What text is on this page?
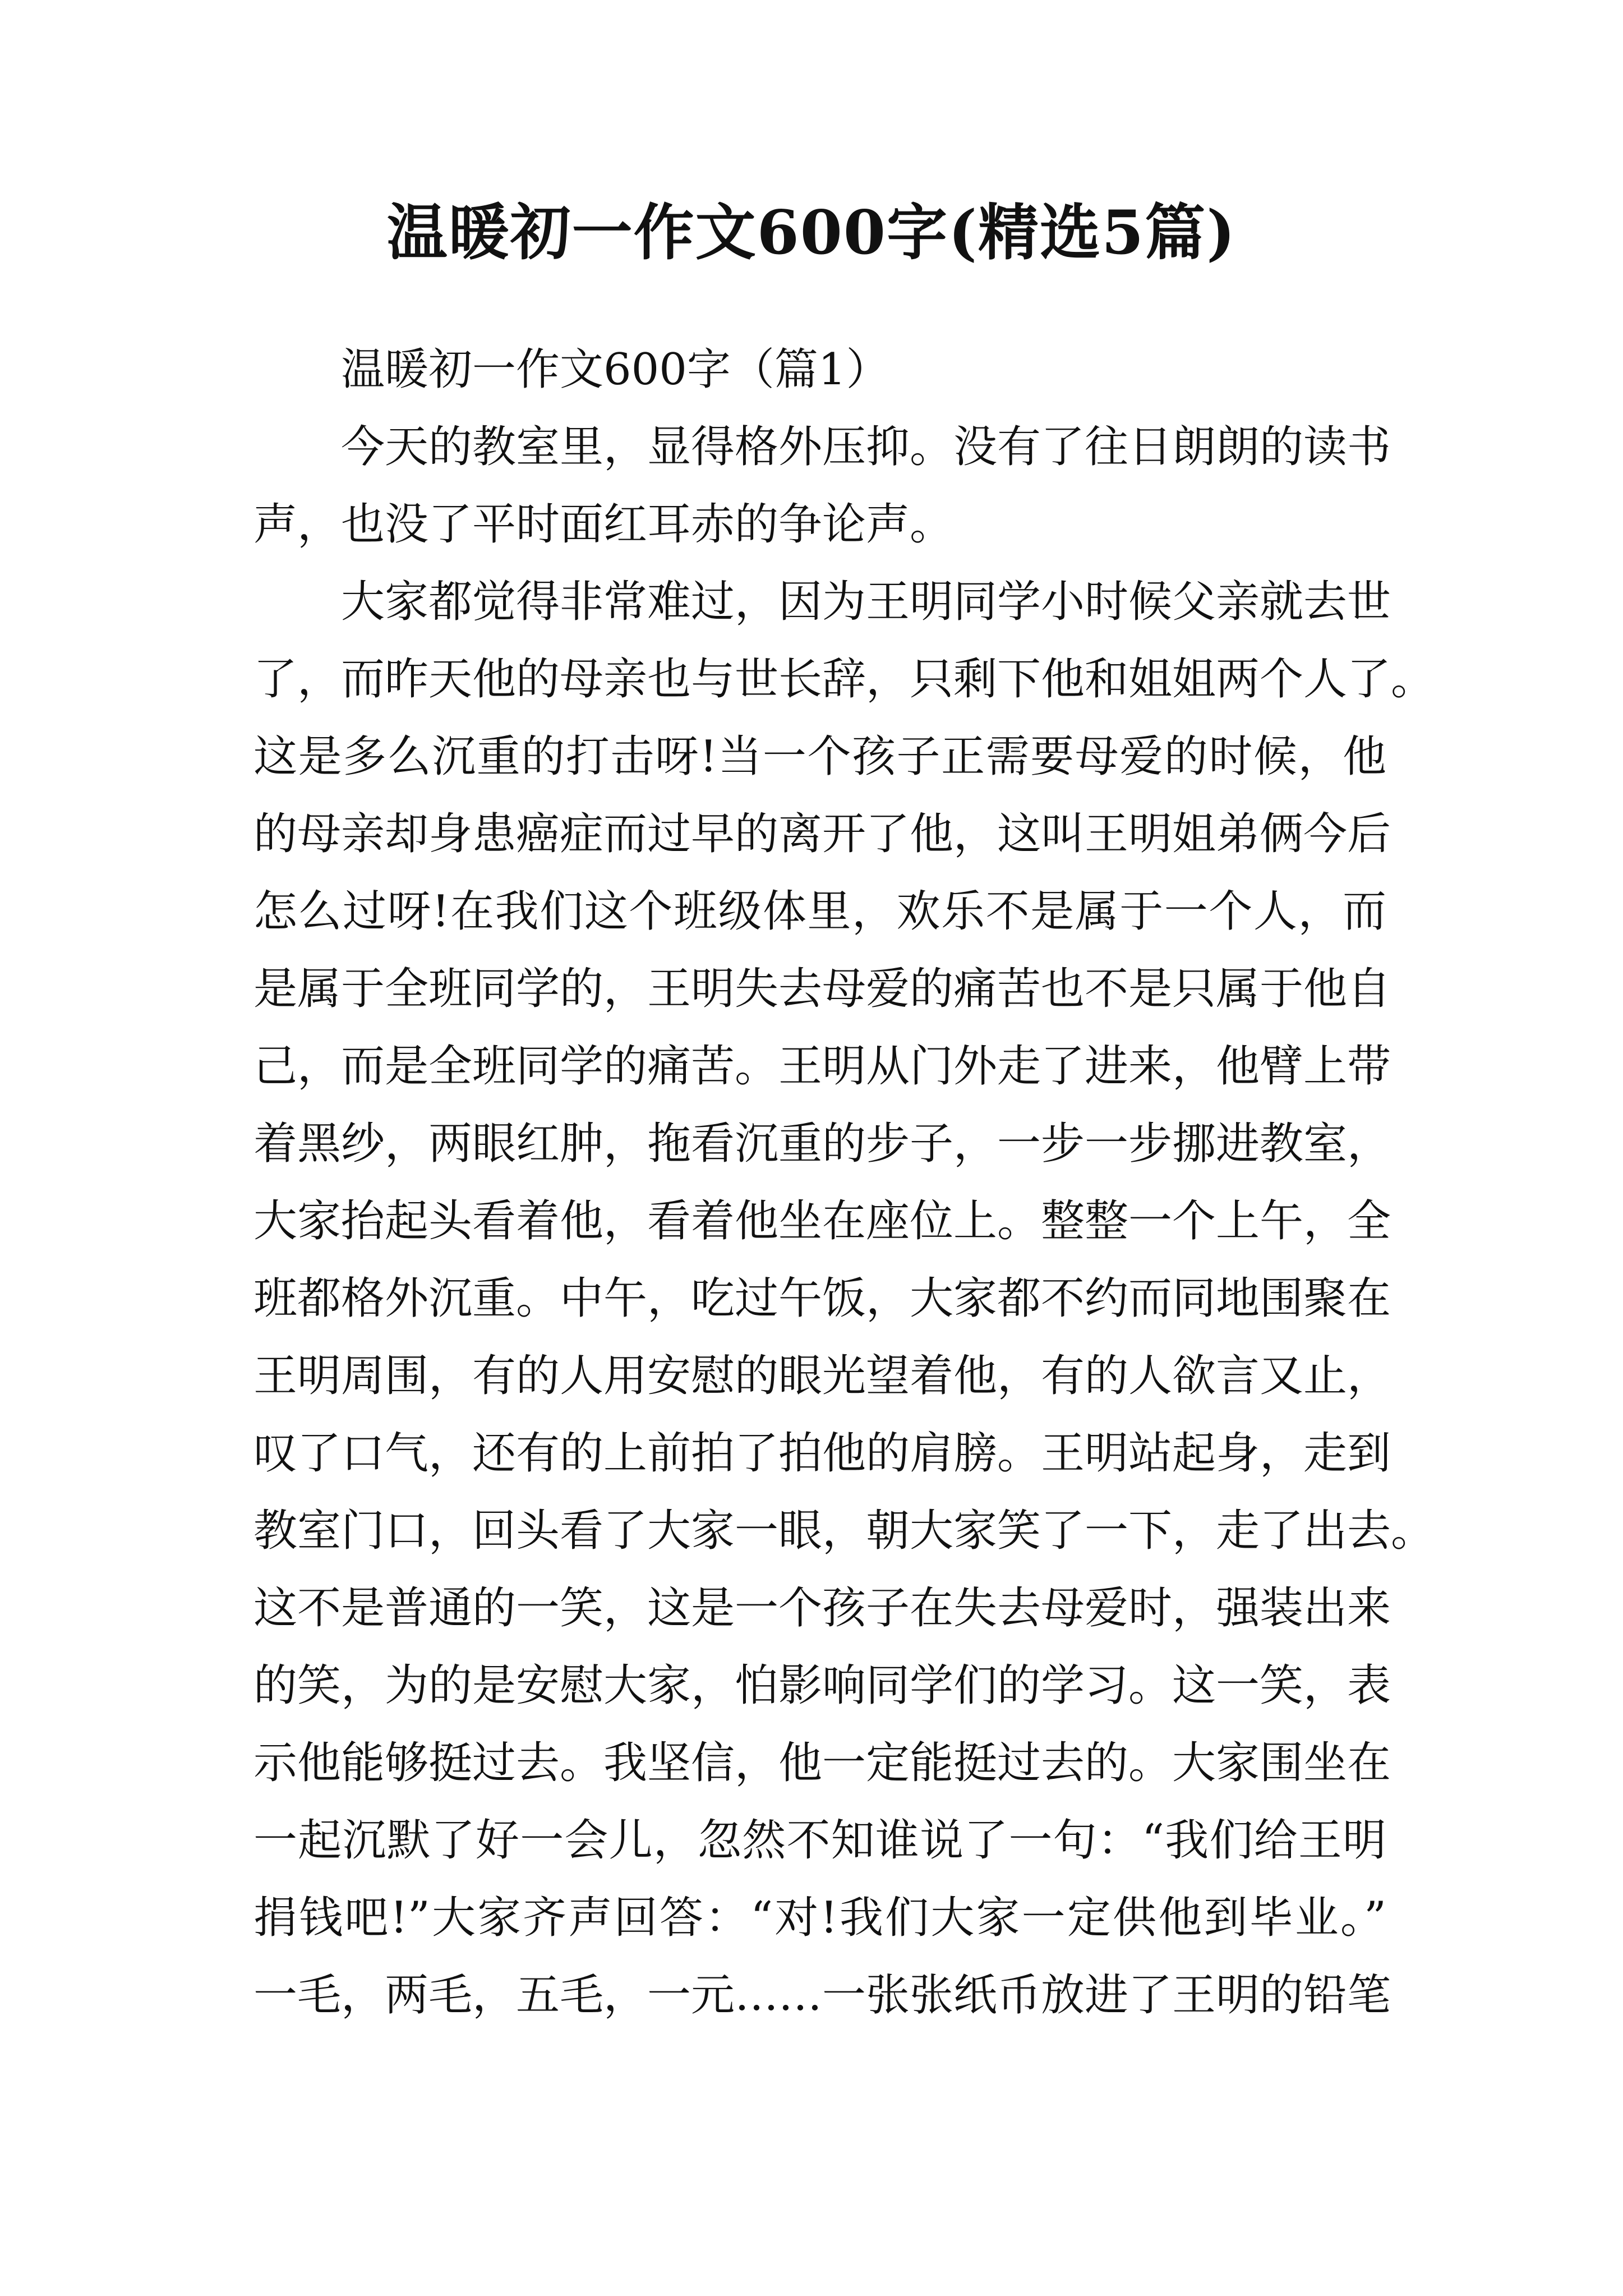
温暖初一作文600字(精选5篇)
温暖初一作文600字（篇1）
今天的教室里，显得格外压抑。没有了往日朗朗的读书
声，也没了平时面红耳赤的争论声。
大家都觉得非常难过，因为王明同学小时候父亲就去世
了，而昨天他的母亲也与世长辞，只剩下他和姐姐两个人了。
这是多么沉重的打击呀!当一个孩子正需要母爱的时候，他
的母亲却身患癌症而过早的离开了他，这叫王明姐弟俩今后
怎么过呀!在我们这个班级体里，欢乐不是属于一个人，而
是属于全班同学的，王明失去母爱的痛苦也不是只属于他自
己，而是全班同学的痛苦。王明从门外走了进来，他臂上带
着黑纱，两眼红肿，拖看沉重的步子，一步一步挪进教室，
大家抬起头看着他，看着他坐在座位上。整整一个上午，全
班都格外沉重。中午，吃过午饭，大家都不约而同地围聚在
王明周围，有的人用安慰的眼光望着他，有的人欲言又止，
叹了口气，还有的上前拍了拍他的肩膀。王明站起身，走到
教室门口，回头看了大家一眼，朝大家笑了一下，走了出去。
这不是普通的一笑，这是一个孩子在失去母爱时，强装出来
的笑，为的是安慰大家，怕影响同学们的学习。这一笑，表
示他能够挺过去。我坚信，他一定能挺过去的。大家围坐在
一起沉默了好一会儿，忽然不知谁说了一句：“我们给王明
捐钱吧!”大家齐声回答：“对!我们大家一定供他到毕业。”
一毛，两毛，五毛，一元……一张张纸币放进了王明的铅笔
